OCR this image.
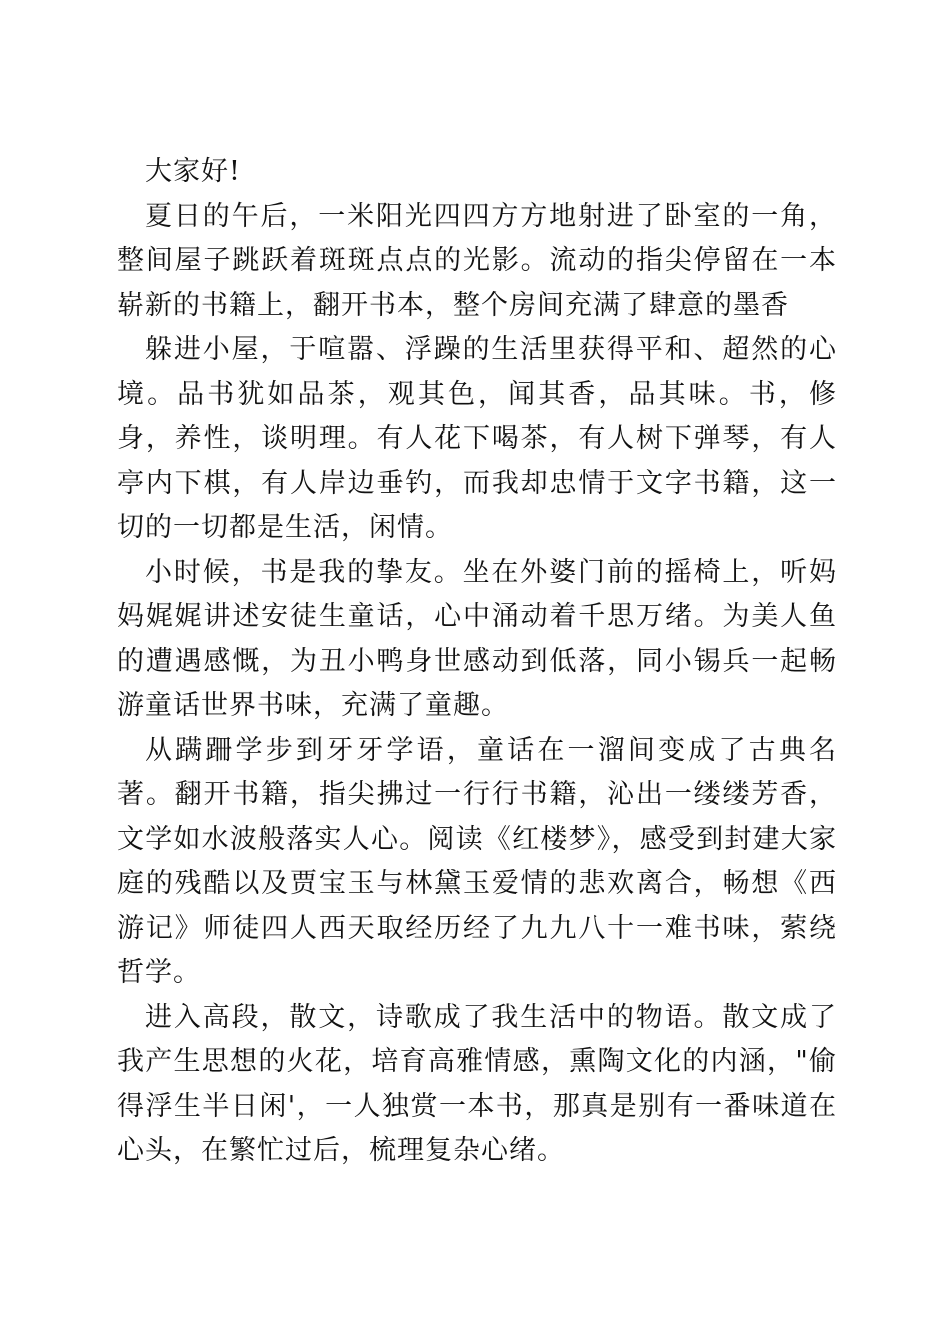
大家好!

夏日的午后，一米阳光四四方方地射进了卧室的一角，整间屋子跳跃着斑斑点点的光影。流动的指尖停留在一本崭新的书籍上，翻开书本，整个房间充满了肆意的墨香

躲进小屋，于喧嚣、浮躁的生活里获得平和、超然的心境。品书犹如品茶，观其色，闻其香，品其味。书，修身，养性，谈明理。有人花下喝茶，有人树下弹琴，有人亭内下棋，有人岸边垂钓，而我却忠情于文字书籍，这一切的一切都是生活，闲情。

小时候，书是我的挚友。坐在外婆门前的摇椅上，听妈妈娓娓讲述安徒生童话，心中涌动着千思万绪。为美人鱼的遭遇感慨，为丑小鸭身世感动到低落，同小锡兵一起畅游童话世界书味，充满了童趣。

从蹒跚学步到牙牙学语，童话在一溜间变成了古典名著。翻开书籍，指尖拂过一行行书籍，沁出一缕缕芳香，文学如水波般落实人心。阅读《红楼梦》，感受到封建大家庭的残酷以及贾宝玉与林黛玉爱情的悲欢离合，畅想《西游记》师徒四人西天取经历经了九九八十一难书味，萦绕哲学。

进入高段，散文，诗歌成了我生活中的物语。散文成了我产生思想的火花，培育高雅情感，熏陶文化的内涵，"偷得浮生半日闲'，一人独赏一本书，那真是别有一番味道在心头，在繁忙过后，梳理复杂心绪。
